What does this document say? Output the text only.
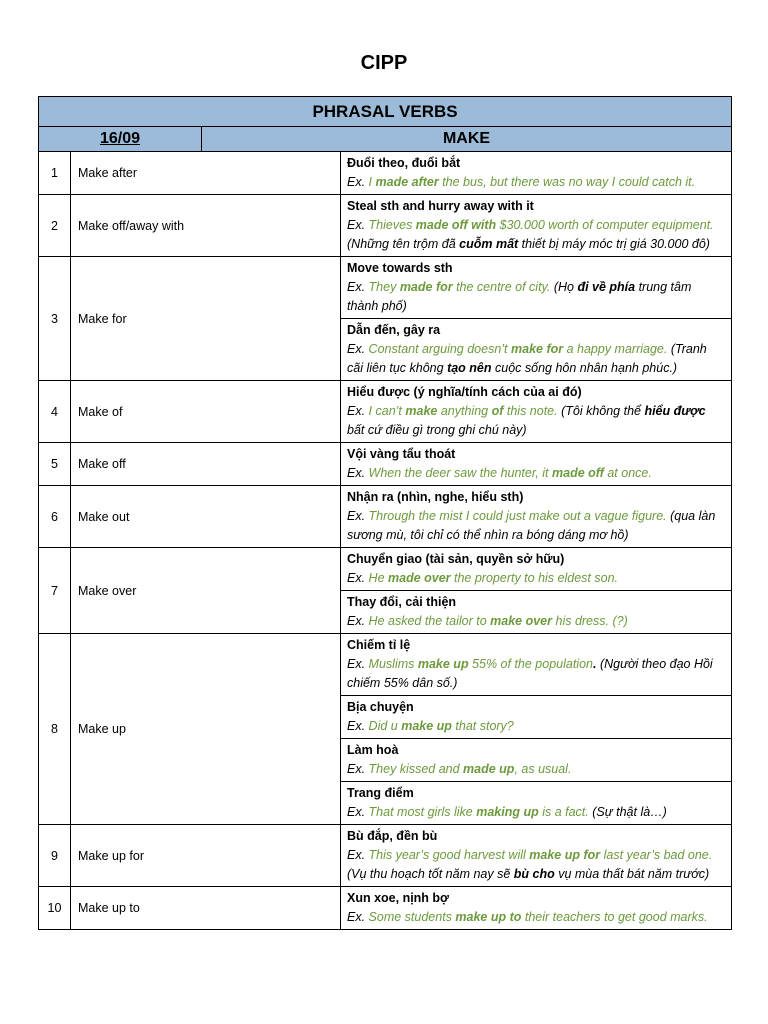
CIPP
PHRASAL VERBS			
16/09		MAKE	
1	Make after		Đuổi theo, đuổi bắt
Ex. I made after the bus, but there was no way I could catch it.

2	Make off/away with		Steal sth and hurry away with it
Ex. Thieves made off with $30.000 worth of computer equipment. (Những tên trộm đã cuỗm mất thiết bị máy móc trị giá 30.000 đô)

3	Make for		Move towards sth
Ex. They made for the centre of city. (Họ đi về phía trung tâm thành phố)

			Dẫn đến, gây ra
Ex. Constant arguing doesn’t make for a happy marriage. (Tranh cãi liên tục không tạo nên cuộc sống hôn nhân hạnh phúc.)

4	Make of		Hiểu được (ý nghĩa/tính cách của ai đó)
Ex. I can’t make anything of this note. (Tôi không thể hiểu được bất cứ điều gì trong ghi chú này)

5	Make off		Vội vàng tẩu thoát
Ex. When the deer saw the hunter, it made off at once.

6	Make out		Nhận ra (nhìn, nghe, hiểu sth)
Ex. Through the mist I could just make out a vague figure. (qua làn sương mù, tôi chỉ có thể nhìn ra bóng dáng mơ hồ)

7	Make over		Chuyển giao (tài sản, quyền sở hữu)
Ex. He made over the property to his eldest son.

			Thay đổi, cải thiện
Ex. He asked the tailor to make over his dress. (?)

8	Make up		Chiếm tỉ lệ
Ex. Muslims make up 55% of the population. (Người theo đạo Hồi chiếm 55% dân số.)

			Bịa chuyện
Ex. Did u make up that story?

			Làm hoà
Ex. They kissed and made up, as usual.

			Trang điểm
Ex. That most girls like making up is a fact. (Sự thật là…)

9	Make up for		Bù đắp, đền bù
Ex. This year’s good harvest will make up for last year’s bad one. (Vụ thu hoạch tốt năm nay sẽ bù cho vụ mùa thất bát năm trước)

10	Make up to		Xun xoe, nịnh bợ
Ex. Some students make up to their teachers to get good marks.
